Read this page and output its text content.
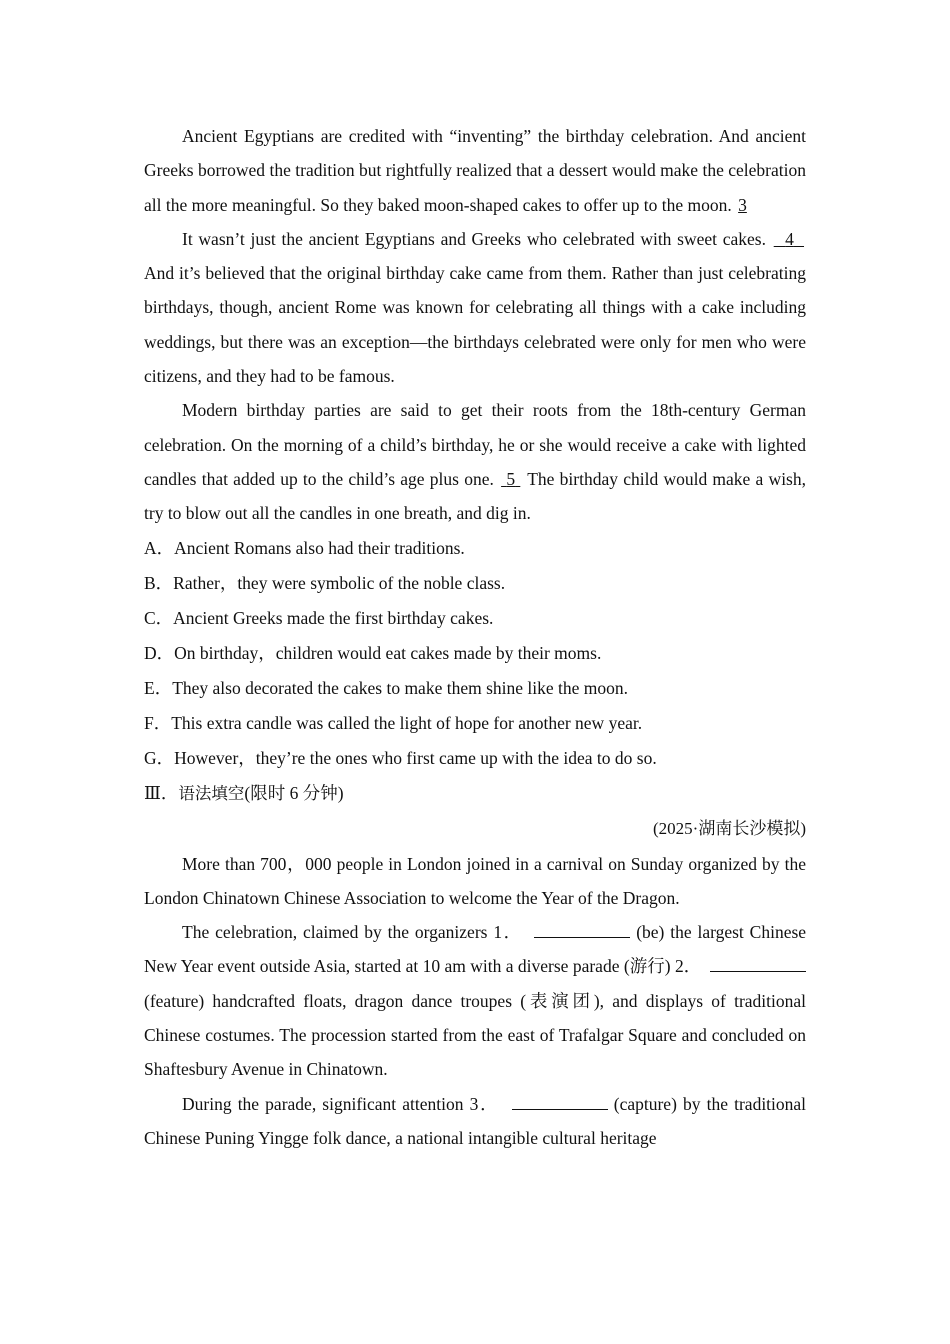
Ancient Egyptians are credited with “inventing” the birthday celebration. And ancient Greeks borrowed the tradition but rightfully realized that a dessert would make the celebration all the more meaningful. So they baked moon-shaped cakes to offer up to the moon. 3

It wasn’t just the ancient Egyptians and Greeks who celebrated with sweet cakes. 4   And it’s believed that the original birthday cake came from them. Rather than just celebrating birthdays, though, ancient Rome was known for celebrating all things with a cake including weddings, but there was an exception—the birthdays celebrated were only for men who were citizens, and they had to be famous.

Modern birthday parties are said to get their roots from the 18th-century German celebration. On the morning of a child’s birthday, he or she would receive a cake with lighted candles that added up to the child’s age plus one. 5 The birthday child would make a wish, try to blow out all the candles in one breath, and dig in.

A．Ancient Romans also had their traditions.

B．Rather，they were symbolic of the noble class.

C．Ancient Greeks made the first birthday cakes.

D．On birthday，children would eat cakes made by their moms.

E．They also decorated the cakes to make them shine like the moon.

F．This extra candle was called the light of hope for another new year.

G．However，they’re the ones who first came up with the idea to do so.

Ⅲ．语法填空(限时 6 分钟)

(2025·湖南长沙模拟)

More than 700，000 people in London joined in a carnival on Sunday organized by the London Chinatown Chinese Association to welcome the Year of the Dragon.

The celebration, claimed by the organizers 1．	(be) the largest Chinese New Year event outside Asia, started at 10 am with a diverse parade (游行) 2．   (feature) handcrafted floats, dragon dance troupes (表演团), and displays of traditional Chinese costumes. The procession started from the east of Trafalgar Square and concluded on Shaftesbury Avenue in Chinatown.

During the parade, significant attention 3．	(capture) by the traditional Chinese Puning Yingge folk dance, a national intangible cultural heritage
